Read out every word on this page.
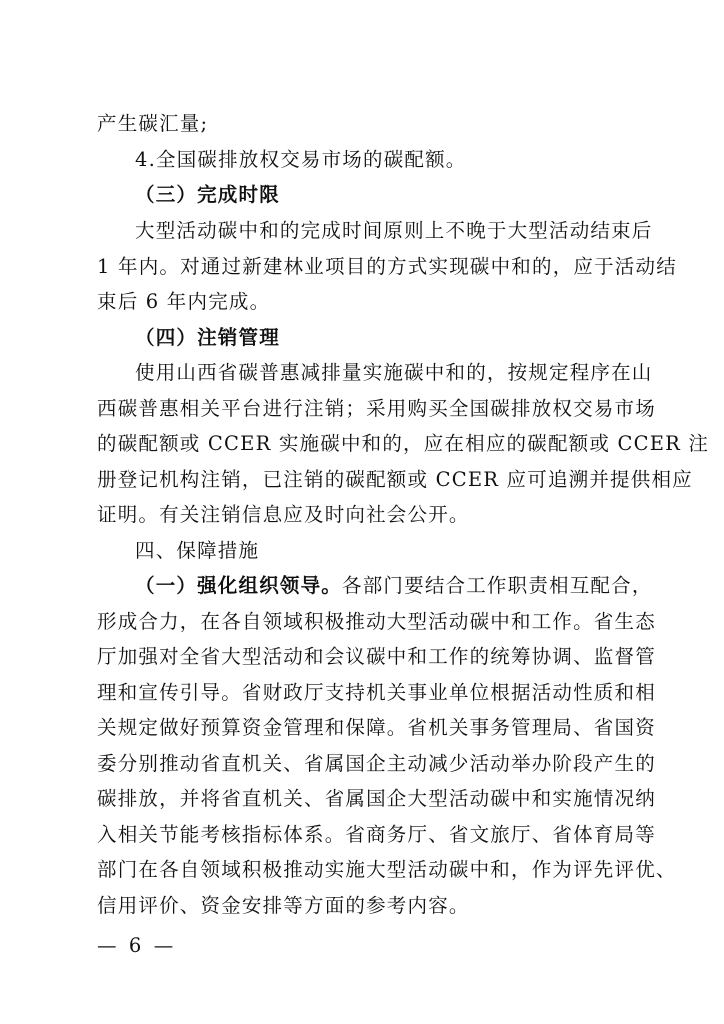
产生碳汇量;
4.全国碳排放权交易市场的碳配额。
（三）完成时限
大型活动碳中和的完成时间原则上不晚于大型活动结束后
1 年内。对通过新建林业项目的方式实现碳中和的，应于活动结
束后 6 年内完成。
（四）注销管理
使用山西省碳普惠减排量实施碳中和的，按规定程序在山
西碳普惠相关平台进行注销；采用购买全国碳排放权交易市场
的碳配额或 CCER 实施碳中和的，应在相应的碳配额或 CCER 注
册登记机构注销，已注销的碳配额或 CCER 应可追溯并提供相应
证明。有关注销信息应及时向社会公开。
四、保障措施
（一）强化组织领导。各部门要结合工作职责相互配合，
形成合力，在各自领域积极推动大型活动碳中和工作。省生态
厅加强对全省大型活动和会议碳中和工作的统筹协调、监督管
理和宣传引导。省财政厅支持机关事业单位根据活动性质和相
关规定做好预算资金管理和保障。省机关事务管理局、省国资
委分别推动省直机关、省属国企主动减少活动举办阶段产生的
碳排放，并将省直机关、省属国企大型活动碳中和实施情况纳
入相关节能考核指标体系。省商务厅、省文旅厅、省体育局等
部门在各自领域积极推动实施大型活动碳中和，作为评先评优、
信用评价、资金安排等方面的参考内容。
—  6  —
